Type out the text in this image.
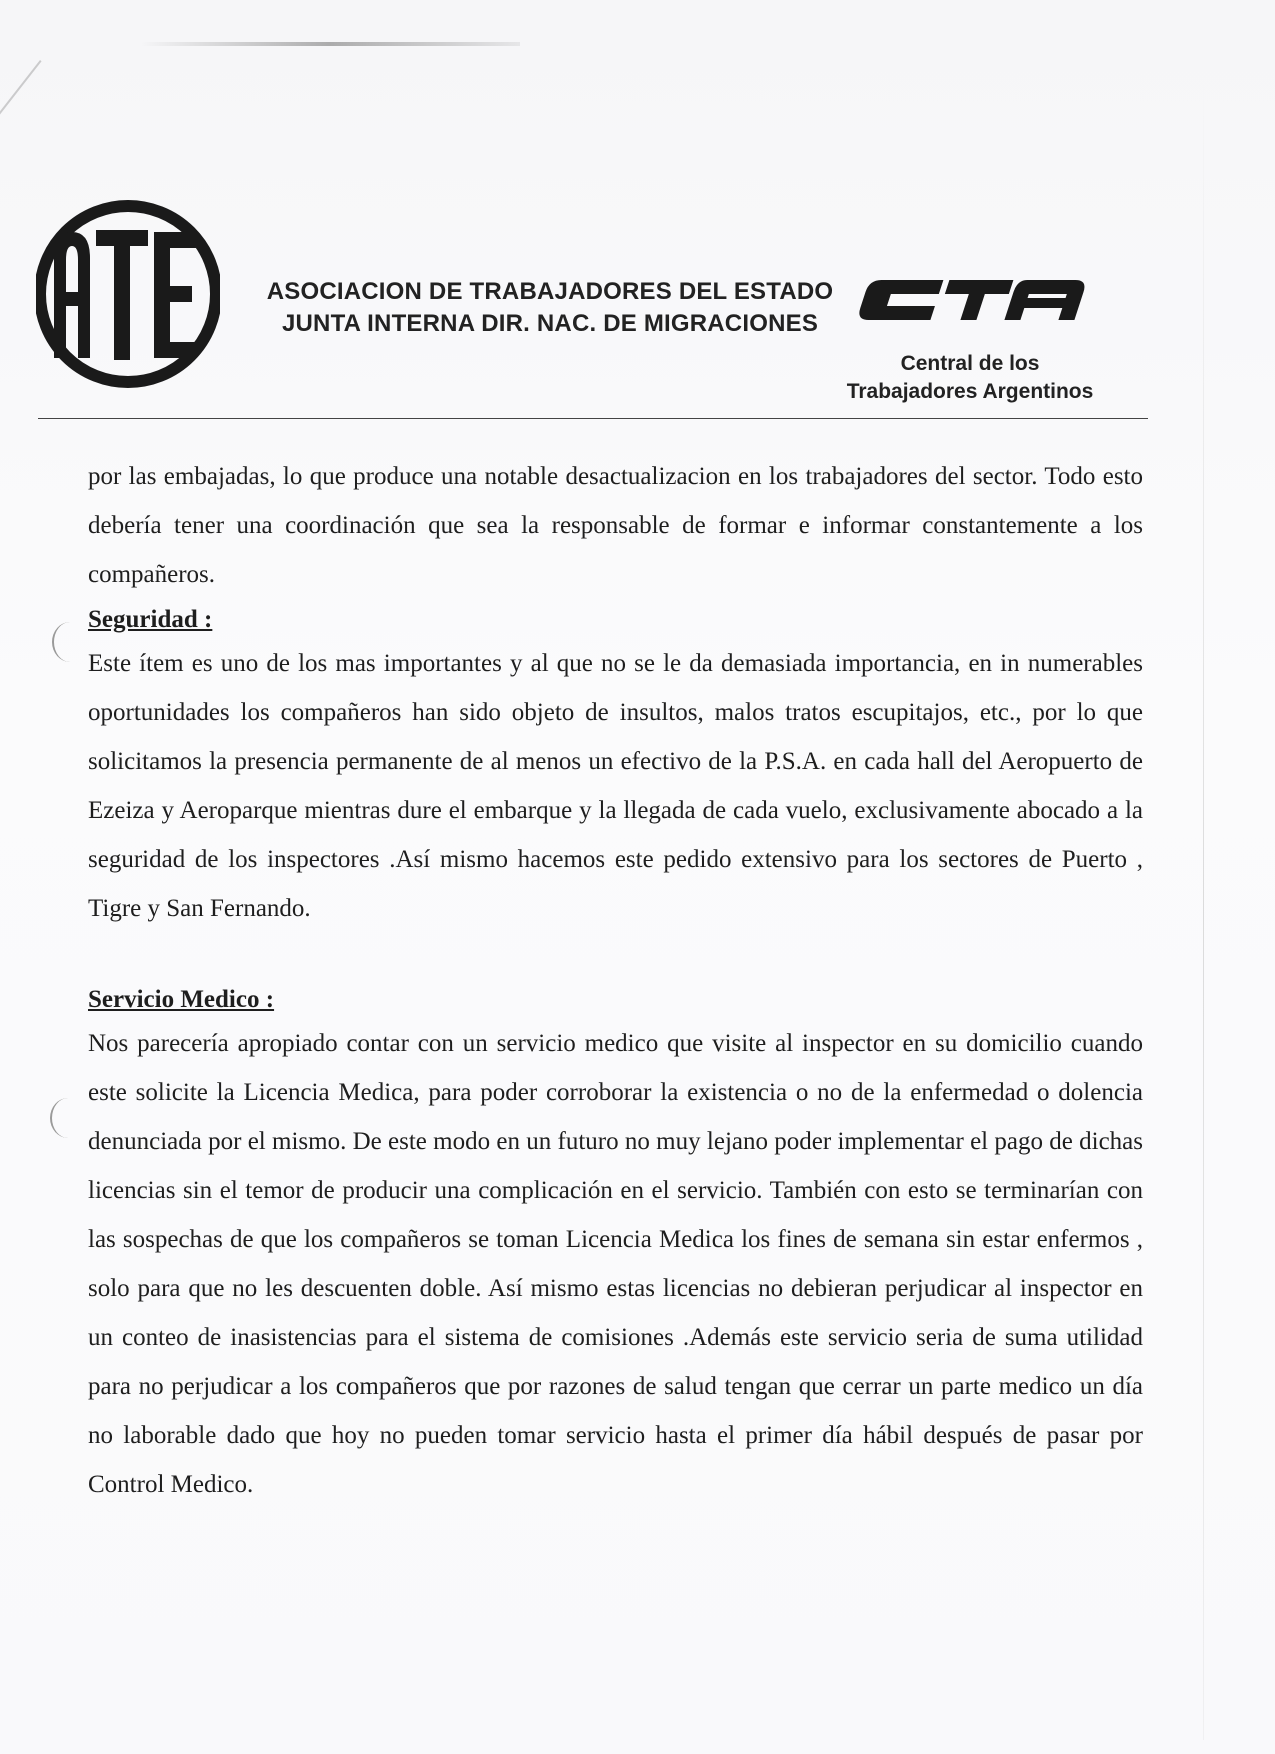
ASOCIACION DE TRABAJADORES DEL ESTADO
JUNTA INTERNA DIR. NAC. DE MIGRACIONES
Central de los
Trabajadores Argentinos

por las embajadas, lo que produce una notable desactualizacion en los trabajadores del sector. Todo esto debería tener una coordinación que sea la responsable de formar e informar constantemente a los compañeros.

Seguridad :

Este ítem es uno de los mas importantes y al que no se le da demasiada importancia, en in numerables oportunidades los compañeros han sido objeto de insultos, malos tratos escupitajos, etc., por lo que solicitamos la presencia permanente de al menos un efectivo de la P.S.A. en cada hall del Aeropuerto de Ezeiza y Aeroparque mientras dure el embarque y la llegada de cada vuelo, exclusivamente abocado a la seguridad de los inspectores .Así mismo hacemos este pedido extensivo para los sectores de Puerto , Tigre y San Fernando.

Servicio Medico :

Nos parecería apropiado contar con un servicio medico que visite al inspector en su domicilio cuando este solicite la Licencia Medica, para poder corroborar la existencia o no de la enfermedad o dolencia denunciada por el mismo. De este modo en un futuro no muy lejano poder implementar el pago de dichas licencias sin el temor de producir una complicación en el servicio. También con esto se terminarían con las sospechas de que los compañeros se toman Licencia Medica los fines de semana sin estar enfermos , solo para que no les descuenten doble. Así mismo estas licencias no debieran perjudicar al inspector en un conteo de inasistencias para el sistema de comisiones .Además este servicio seria de suma utilidad para no perjudicar a los compañeros que por razones de salud tengan que cerrar un parte medico un día no laborable dado que hoy no pueden tomar servicio hasta el primer día hábil después de pasar por Control Medico.
